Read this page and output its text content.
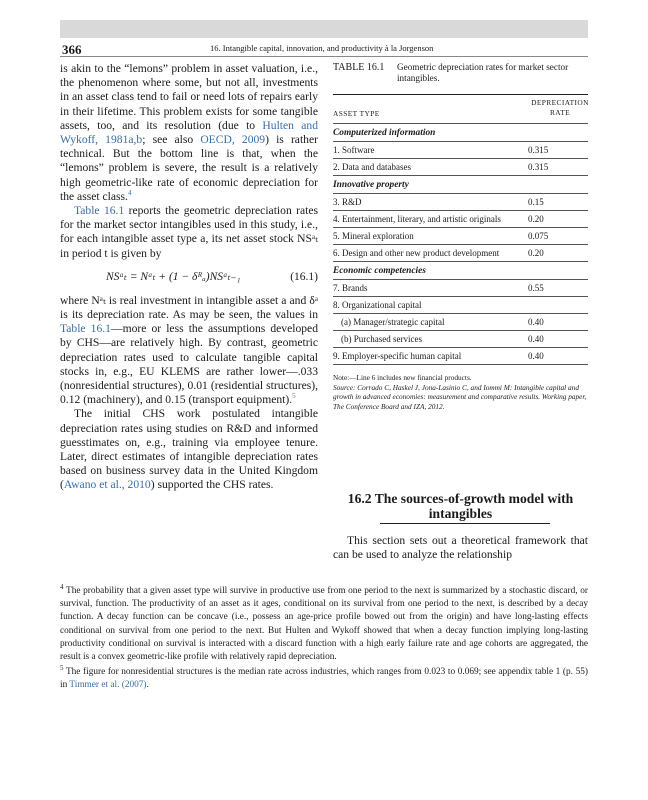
366	16. Intangible capital, innovation, and productivity à la Jorgenson

is akin to the “lemons” problem in asset valuation, i.e., the phenomenon where some, but not all, investments in an asset class tend to fail or need lots of repairs early in their lifetime. This problem exists for some tangible assets, too, and its resolution (due to Hulten and Wykoff, 1981a,b; see also OECD, 2009) is rather technical. But the bottom line is that, when the “lemons” problem is severe, the result is a relatively high geometric-like rate of economic depreciation for the asset class.$^4$

Table 16.1 reports the geometric depreciation rates for the market sector intangibles used in this study, i.e., for each intangible asset type a, its net asset stock NSᵃₜ in period t is given by

NSᵃₜ = Nᵃₜ + (1 − δᴿₐ)NSᵃₜ₋₁	(16.1)

where Nᵃₜ is real investment in intangible asset a and δᵃ is its depreciation rate. As may be seen, the values in Table 16.1—more or less the assumptions developed by CHS—are relatively high. By contrast, geometric depreciation rates used to calculate tangible capital stocks in, e.g., EU KLEMS are rather lower—.033 (nonresidential structures), 0.01 (residential structures), 0.12 (machinery), and 0.15 (transport equipment).$^5$

The initial CHS work postulated intangible depreciation rates using studies on R&D and informed guesstimates on, e.g., training via employee tenure. Later, direct estimates of intangible depreciation rates based on business survey data in the United Kingdom (Awano et al., 2010) supported the CHS rates.

TABLE 16.1	Geometric depreciation rates for market sector intangibles.
ASSET TYPE
DEPRECIATION
RATE
Computerized information
1. Software	0.315
2. Data and databases	0.315
Innovative property
3. R&D	0.15
4. Entertainment, literary, and artistic originals	0.20
5. Mineral exploration	0.075
6. Design and other new product development	0.20
Economic competencies
7. Brands	0.55
8. Organizational capital
(a) Manager/strategic capital	0.40
(b) Purchased services	0.40
9. Employer-specific human capital	0.40
Note:—Line 6 includes new financial products.
Source: Corrado C, Haskel J, Jona-Lasinio C, and Iommi M: Intangible capital and growth in advanced economies: measurement and comparative results. Working paper, The Conference Board and IZA, 2012.
16.2 The sources-of-growth model with intangibles

This section sets out a theoretical framework that can be used to analyze the relationship

$^4$ The probability that a given asset type will survive in productive use from one period to the next is summarized by a stochastic discard, or survival, function. The productivity of an asset as it ages, conditional on its survival from one period to the next, is described by a decay function. A decay function can be concave (i.e., possess an age-price profile bowed out from the origin) and have long-lasting effects conditional on survival from one period to the next. But Hulten and Wykoff showed that when a decay function implying long-lasting productivity conditional on survival is interacted with a discard function with a high early failure rate and age cohorts are aggregated, the result is a convex geometric-like profile with relatively rapid depreciation.

$^5$ The figure for nonresidential structures is the median rate across industries, which ranges from 0.023 to 0.069; see appendix table 1 (p. 55) in Timmer et al. (2007).
